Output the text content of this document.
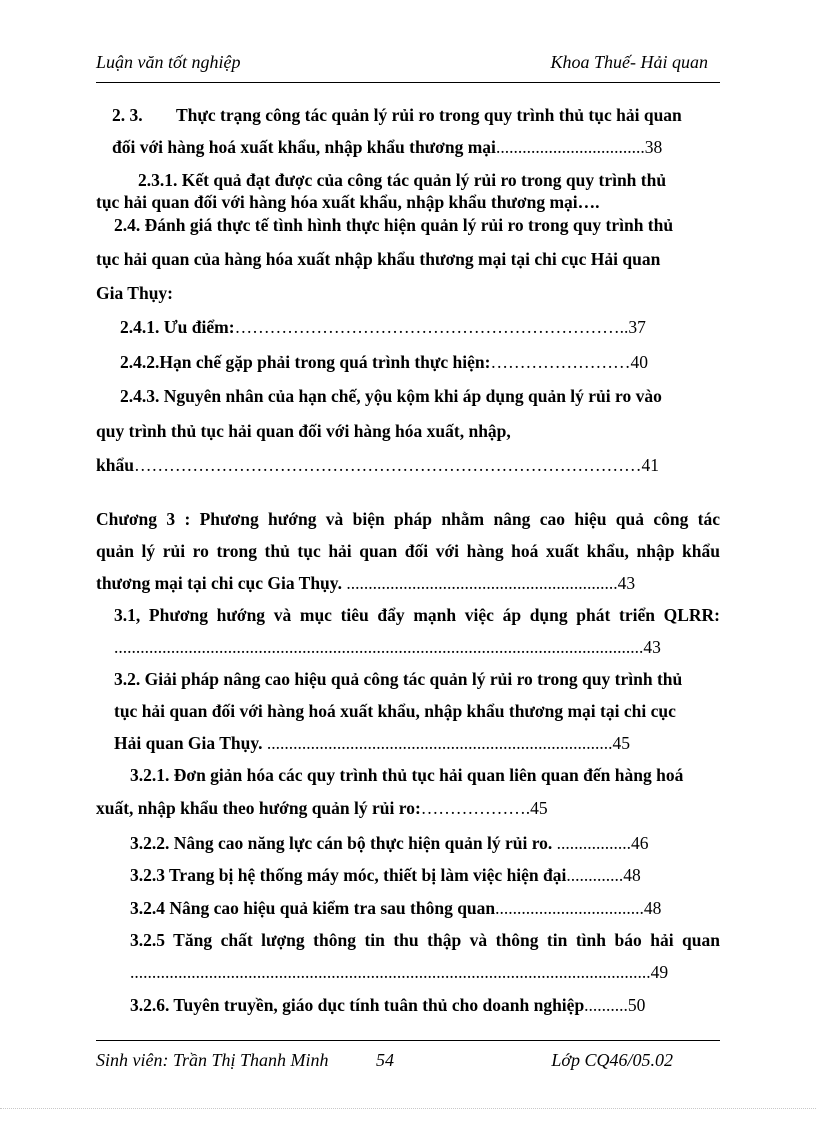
Luận văn tốt nghiệp	Khoa Thuế- Hải quan
2. 3. Thực trạng công tác quản lý rủi ro trong quy trình thủ tục hải quan
đối với hàng hoá xuất khẩu, nhập khẩu thương mại..................................38
2.3.1. Kết quả đạt được của công tác quản lý rủi ro trong quy trình thủ
tục hải quan đối với hàng hóa xuất khẩu, nhập khẩu thương mại….
2.4. Đánh giá thực tế tình hình thực hiện quản lý rủi ro trong quy trình thủ
tục hải quan của hàng hóa xuất nhập khẩu thương mại tại chi cục Hải quan
Gia Thụy:
2.4.1. Ưu điểm:…………………………………………………………..37
2.4.2.Hạn chế gặp phải trong quá trình thực hiện:……………………40
2.4.3. Nguyên nhân của hạn chế, yộu kộm khi áp dụng quản lý rủi ro vào
quy trình thủ tục hải quan đối với hàng hóa xuất, nhập,
khẩu……………………………………………………………………………41
Chương 3 : Phương hướng và biện pháp nhằm nâng cao hiệu quả công tác
quản lý rủi ro trong thủ tục hải quan đối với hàng hoá xuất khẩu, nhập khẩu
thương mại tại chi cục Gia Thụy. ..............................................................43
3.1, Phương hướng và mục tiêu đẩy mạnh việc áp dụng phát triển QLRR:
.........................................................................................................................43
3.2. Giải pháp nâng cao hiệu quả công tác quản lý rủi ro trong quy trình thủ
tục hải quan đối với hàng hoá xuất khẩu, nhập khẩu thương mại tại chi cục
Hải quan Gia Thụy. ...............................................................................45
3.2.1. Đơn giản hóa các quy trình thủ tục hải quan liên quan đến hàng hoá
xuất, nhập khẩu theo hướng quản lý rủi ro:……………….45
3.2.2. Nâng cao năng lực cán bộ thực hiện quản lý rủi ro. .................46
3.2.3 Trang bị hệ thống máy móc, thiết bị làm việc hiện đại.............48
3.2.4 Nâng cao hiệu quả kiểm tra sau thông quan..................................48
3.2.5 Tăng chất lượng thông tin thu thập và thông tin tình báo hải quan
.......................................................................................................................49
3.2.6. Tuyên truyền, giáo dục tính tuân thủ cho doanh nghiệp..........50
Sinh viên: Trần Thị Thanh Minh	54	Lớp CQ46/05.02
